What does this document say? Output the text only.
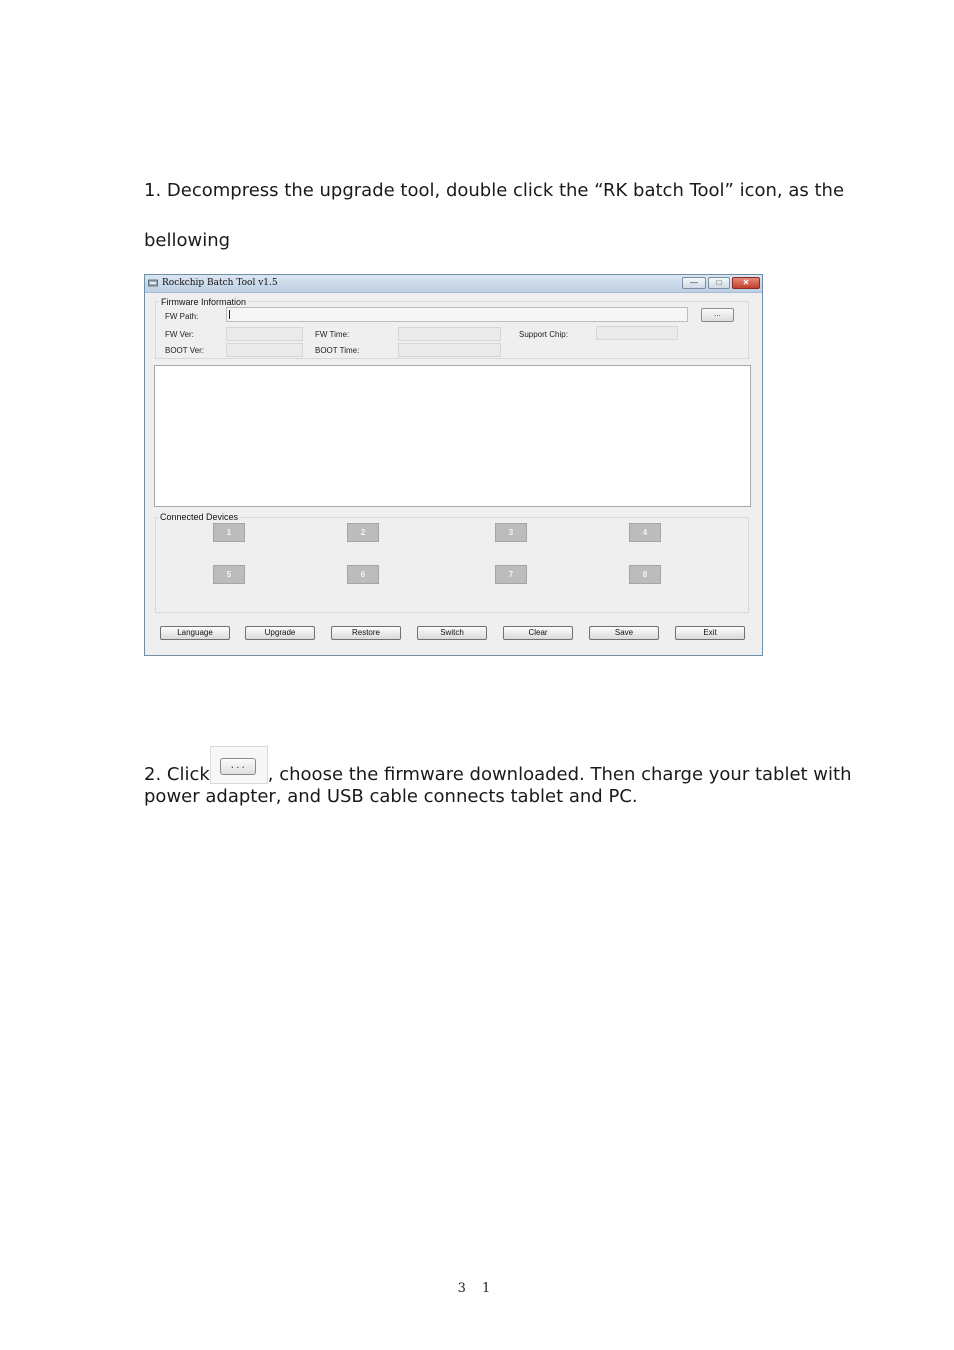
1. Decompress the upgrade tool, double click the “RK batch Tool” icon, as the

bellowing

Rockchip Batch Tool v1.5	—	□	✕
Firmware Information
FW Path:	...
FW Ver:	FW Time:	Support Chip:
BOOT Ver:	BOOT Time:
Connected Devices
1	2	3	4
5	6	7	8
Language	Upgrade	Restore	Switch	Clear	Save	Exit

2. Click	...	, choose the firmware downloaded. Then charge your tablet with

power adapter, and USB cable connects tablet and PC.

3 1
